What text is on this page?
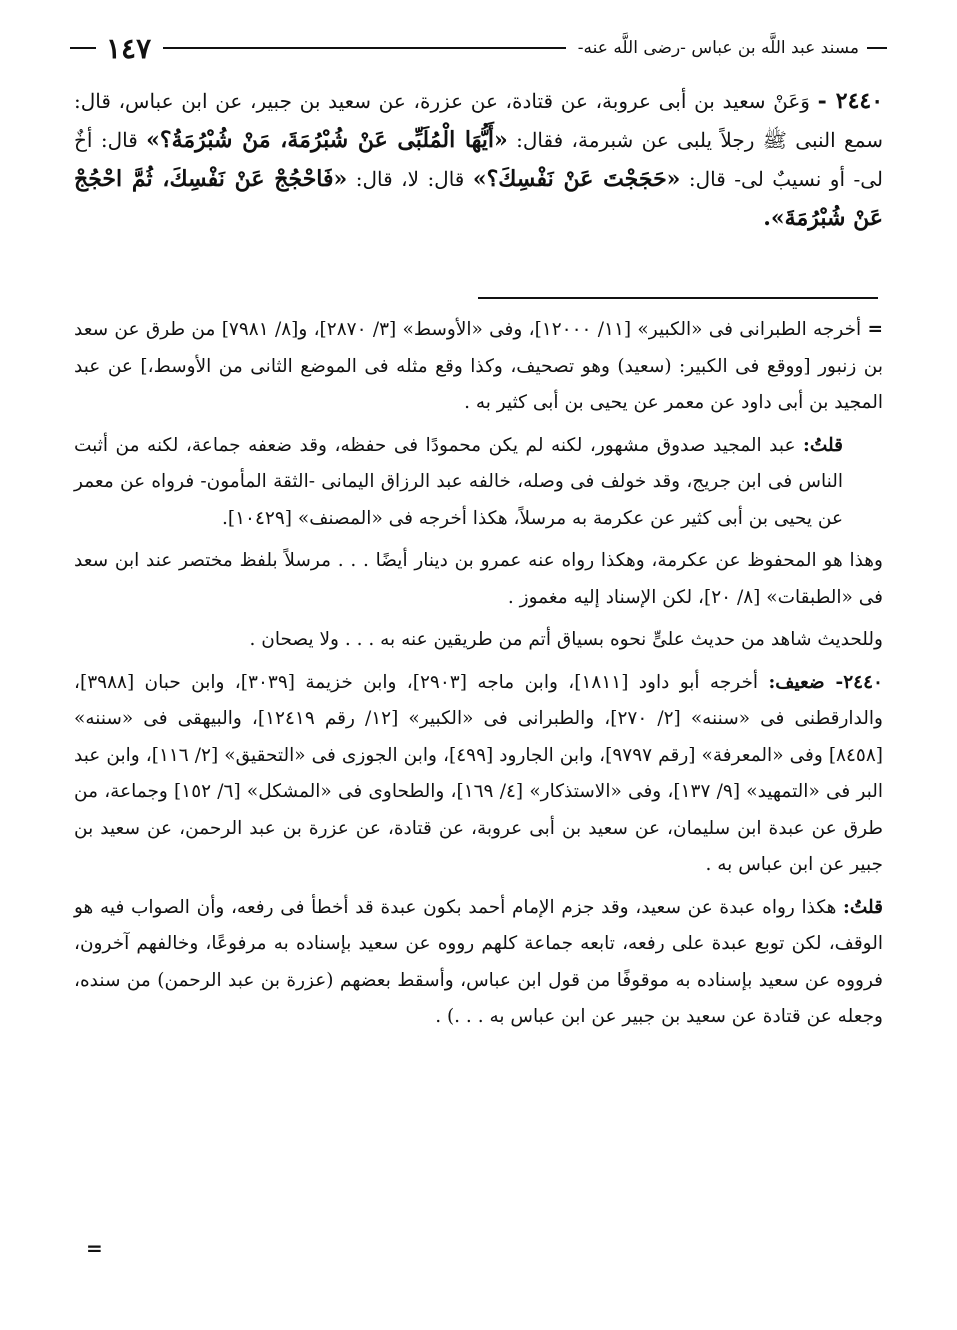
مسند عبد اللَّه بن عباس -رضى اللَّه عنه-
١٤٧

٢٤٤٠ - وَعَنْ سعيد بن أبى عروبة، عن قتادة، عن عزرة، عن سعيد بن جبير، عن ابن عباس، قال: سمع النبى ﷺ رجلاً يلبى عن شبرمة، فقال: «أَيُّهَا الْمُلَبِّى عَنْ شُبْرُمَةَ، مَنْ شُبْرُمَةُ؟» قال: أخٌ لى- أو نسيبٌ لى- قال: «حَجَجْتَ عَنْ نَفْسِكَ؟» قال: لا، قال: «فَاحْجُجْ عَنْ نَفْسِكَ، ثُمَّ احْجُجْ عَنْ شُبْرُمَةَ».

= أخرجه الطبرانى فى «الكبير» [١١/ ١٢٠٠٠]، وفى «الأوسط» [٣/ ٢٨٧٠]، و[٨/ ٧٩٨١] من طرق عن سعد بن زنبور [ووقع فى الكبير: (سعيد) وهو تصحيف، وكذا وقع مثله فى الموضع الثانى من الأوسط،] عن عبد المجيد بن أبى داود عن معمر عن يحيى بن أبى كثير به .

قلتُ: عبد المجيد صدوق مشهور، لكنه لم يكن محمودًا فى حفظه، وقد ضعفه جماعة، لكنه من أثبت الناس فى ابن جريج، وقد خولف فى وصله، خالفه عبد الرزاق اليمانى -الثقة المأمون- فرواه عن معمر عن يحيى بن أبى كثير عن عكرمة به مرسلاً، هكذا أخرجه فى «المصنف» [١٠٤٢٩].

وهذا هو المحفوظ عن عكرمة، وهكذا رواه عنه عمرو بن دينار أيضًا . . . مرسلاً بلفظ مختصر عند ابن سعد فى «الطبقات» [٨/ ٢٠]، لكن الإسناد إليه مغموز .

وللحديث شاهد من حديث علىٍّ نحوه بسياق أتم من طريقين عنه به . . . ولا يصحان .

٢٤٤٠- ضعيف: أخرجه أبو داود [١٨١١]، وابن ماجه [٢٩٠٣]، وابن خزيمة [٣٠٣٩]، وابن حبان [٣٩٨٨]، والدارقطنى فى «سننه» [٢/ ٢٧٠]، والطبرانى فى «الكبير» [١٢/ رقم ١٢٤١٩]، والبيهقى فى «سننه» [٨٤٥٨] وفى «المعرفة» [رقم ٩٧٩٧]، وابن الجارود [٤٩٩]، وابن الجوزى فى «التحقيق» [٢/ ١١٦]، وابن عبد البر فى «التمهيد» [٩/ ١٣٧]، وفى «الاستذكار» [٤/ ١٦٩]، والطحاوى فى «المشكل» [٦/ ١٥٢] وجماعة، من طرق عن عبدة ابن سليمان، عن سعيد بن أبى عروبة، عن قتادة، عن عزرة بن عبد الرحمن، عن سعيد بن جبير عن ابن عباس به .

قلتُ: هكذا رواه عبدة عن سعيد، وقد جزم الإمام أحمد بكون عبدة قد أخطأ فى رفعه، وأن الصواب فيه هو الوقف، لكن توبع عبدة على رفعه، تابعه جماعة كلهم رووه عن سعيد بإسناده به مرفوعًا، وخالفهم آخرون، فرووه عن سعيد بإسناده به موقوفًا من قول ابن عباس، وأسقط بعضهم (عزرة بن عبد الرحمن) من سنده، وجعله عن قتادة عن سعيد بن جبير عن ابن عباس به . . .) .

=
